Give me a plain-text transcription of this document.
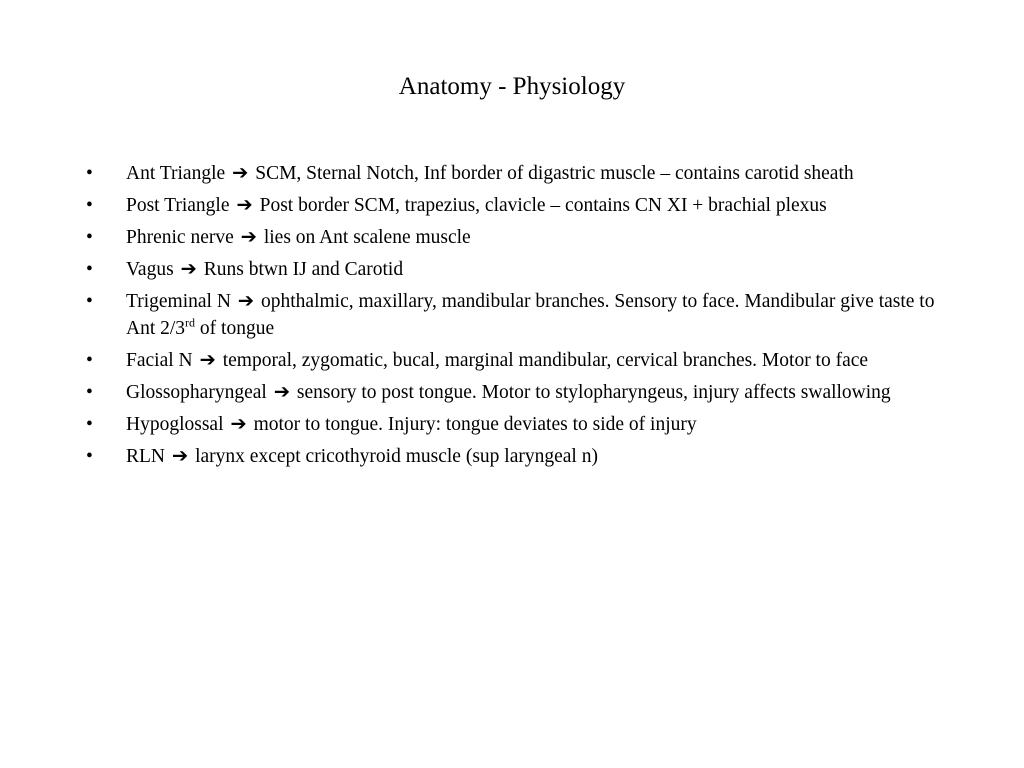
Anatomy - Physiology
• Ant Triangle ➔ SCM, Sternal Notch, Inf border of digastric muscle – contains carotid sheath
• Post Triangle ➔ Post border SCM, trapezius, clavicle – contains CN XI + brachial plexus
• Phrenic nerve ➔ lies on Ant scalene muscle
• Vagus ➔ Runs btwn IJ and Carotid
• Trigeminal N ➔ ophthalmic, maxillary, mandibular branches. Sensory to face. Mandibular give taste to Ant 2/3rd of tongue
• Facial N ➔ temporal, zygomatic, bucal, marginal mandibular, cervical branches. Motor to face
• Glossopharyngeal ➔ sensory to post tongue. Motor to stylopharyngeus, injury affects swallowing
• Hypoglossal ➔ motor to tongue. Injury: tongue deviates to side of injury
• RLN ➔ larynx except cricothyroid muscle (sup laryngeal n)
